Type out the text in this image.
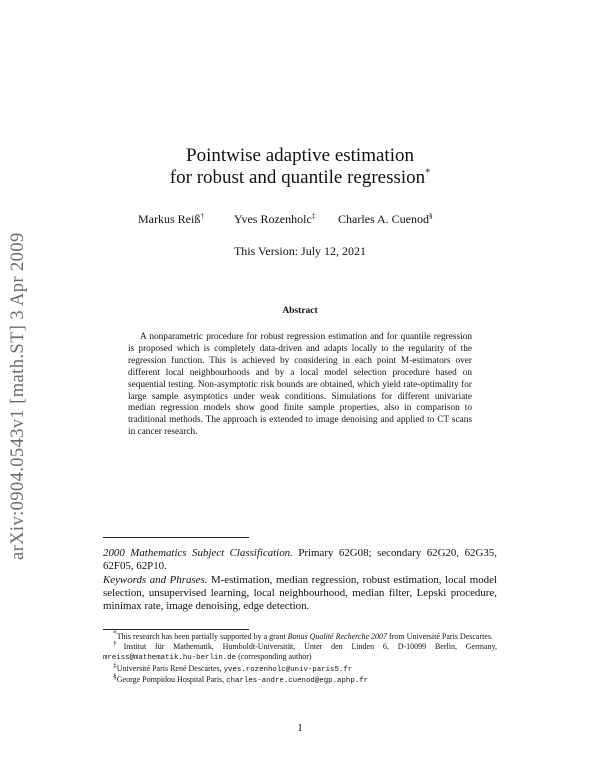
arXiv:0904.0543v1 [math.ST] 3 Apr 2009
Pointwise adaptive estimation
for robust and quantile regression*
Markus Reiß† Yves Rozenholc‡ Charles A. Cuenod§
This Version: July 12, 2021
Abstract
A nonparametric procedure for robust regression estimation and for quantile regression is proposed which is completely data-driven and adapts locally to the regularity of the regression function. This is achieved by considering in each point M-estimators over different local neighbourhoods and by a local model selection procedure based on sequential testing. Non-asymptotic risk bounds are obtained, which yield rate-optimality for large sample asymptotics under weak conditions. Simulations for different univariate median regression models show good finite sample properties, also in comparison to traditional methods. The approach is extended to image denoising and applied to CT scans in cancer research.
2000 Mathematics Subject Classification. Primary 62G08; secondary 62G20, 62G35, 62F05, 62P10.
Keywords and Phrases. M-estimation, median regression, robust estimation, local model selection, unsupervised learning, local neighbourhood, median filter, Lepski procedure, minimax rate, image denoising, edge detection.
*This research has been partially supported by a grant Bonus Qualité Recherche 2007 from Université Paris Descartes.
†Institut für Mathematik, Humboldt-Universität, Unter den Linden 6, D-10099 Berlin, Germany, mreiss@mathematik.hu-berlin.de (corresponding author)
‡Université Paris René Descartes, yves.rozenholc@univ-paris5.fr
§George Pompidou Hospital Paris, charles-andre.cuenod@egp.aphp.fr
1
